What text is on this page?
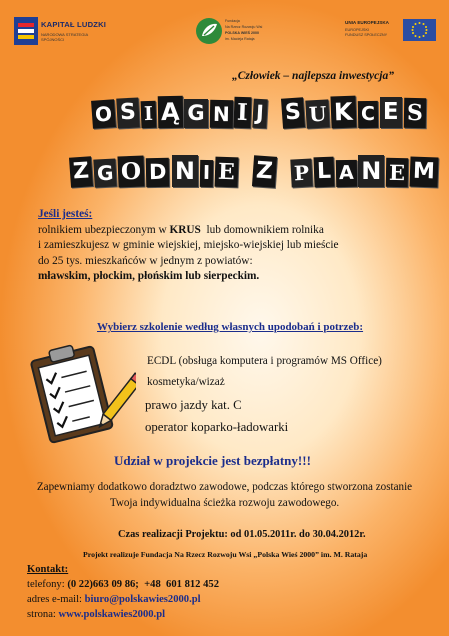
KAPITAŁ LUDZKI
NARODOWA STRATEGIA SPÓJNOŚCI
Fundacja
Na Rzecz Rozwoju Wsi
POLSKA WIEŚ 2000
im. Macieja Rataja
UNIA EUROPEJSKA
EUROPEJSKI
FUNDUSZ SPOŁECZNY
„Człowiek – najlepsza inwestycja”
O S I Ą G N I J S U K C E S
Z G O D N I E Z P L A N E M
Jeśli jesteś:
rolnikiem ubezpieczonym w KRUS  lub domownikiem rolnika
i zamieszkujesz w gminie wiejskiej, miejsko-wiejskiej lub mieście
do 25 tys. mieszkańców w jednym z powiatów:
mławskim, płockim, płońskim lub sierpeckim.
Wybierz szkolenie według własnych upodobań i potrzeb:
ECDL (obsługa komputera i programów MS Office)
kosmetyka/wizaż
prawo jazdy kat. C
operator koparko-ładowarki
Udział w projekcie jest bezpłatny!!!
Zapewniamy dodatkowo doradztwo zawodowe, podczas którego stworzona zostanie
Twoja indywidualna ścieżka rozwoju zawodowego.
Czas realizacji Projektu: od 01.05.2011r. do 30.04.2012r.
Projekt realizuje Fundacja Na Rzecz Rozwoju Wsi „Polska Wieś 2000” im. M. Rataja
Kontakt:
telefony: (0 22)663 09 86;  +48  601 812 452
adres e-mail: biuro@polskawies2000.pl
strona: www.polskawies2000.pl
